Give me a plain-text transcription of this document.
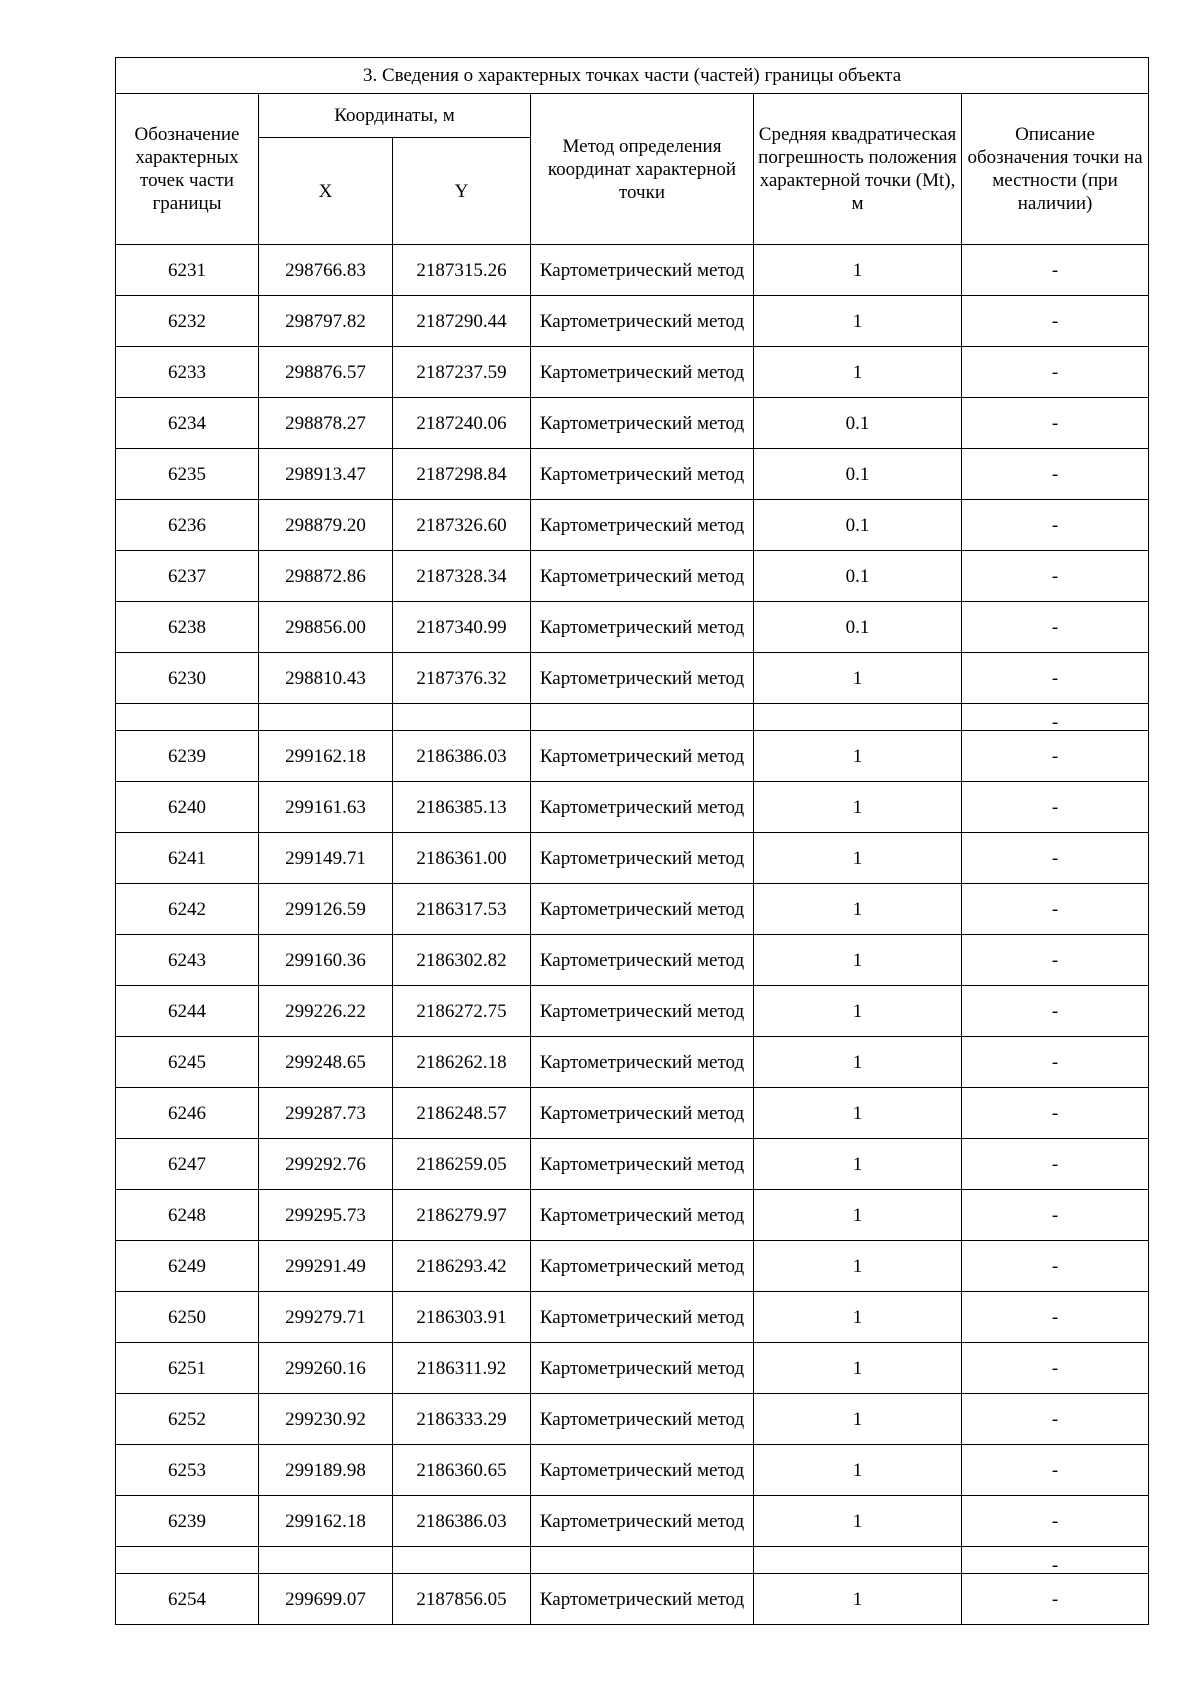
3. Сведения о характерных точках части (частей) границы объекта					
Обозначение характерных точек части границы	Координаты, м		Метод определения координат характерной точки	Средняя квадратическая погрешность положения характерной точки (Mt), м	Описание обозначения точки на местности (при наличии)
	X	Y			
6231	298766.83	2187315.26	Картометрический метод	1	-
6232	298797.82	2187290.44	Картометрический метод	1	-
6233	298876.57	2187237.59	Картометрический метод	1	-
6234	298878.27	2187240.06	Картометрический метод	0.1	-
6235	298913.47	2187298.84	Картометрический метод	0.1	-
6236	298879.20	2187326.60	Картометрический метод	0.1	-
6237	298872.86	2187328.34	Картометрический метод	0.1	-
6238	298856.00	2187340.99	Картометрический метод	0.1	-
6230	298810.43	2187376.32	Картометрический метод	1	-
					-
6239	299162.18	2186386.03	Картометрический метод	1	-
6240	299161.63	2186385.13	Картометрический метод	1	-
6241	299149.71	2186361.00	Картометрический метод	1	-
6242	299126.59	2186317.53	Картометрический метод	1	-
6243	299160.36	2186302.82	Картометрический метод	1	-
6244	299226.22	2186272.75	Картометрический метод	1	-
6245	299248.65	2186262.18	Картометрический метод	1	-
6246	299287.73	2186248.57	Картометрический метод	1	-
6247	299292.76	2186259.05	Картометрический метод	1	-
6248	299295.73	2186279.97	Картометрический метод	1	-
6249	299291.49	2186293.42	Картометрический метод	1	-
6250	299279.71	2186303.91	Картометрический метод	1	-
6251	299260.16	2186311.92	Картометрический метод	1	-
6252	299230.92	2186333.29	Картометрический метод	1	-
6253	299189.98	2186360.65	Картометрический метод	1	-
6239	299162.18	2186386.03	Картометрический метод	1	-
					-
6254	299699.07	2187856.05	Картометрический метод	1	-
